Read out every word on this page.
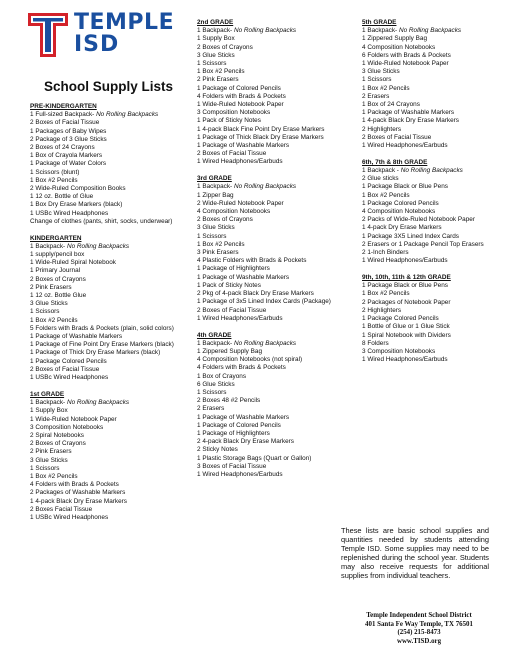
TEMPLE
ISD
School Supply Lists
PRE-KINDERGARTEN
1 Full-sized Backpack- No Rolling Backpacks
2 Boxes of Facial Tissue
1 Packages of Baby Wipes
2 Package of 3 Glue Sticks
2 Boxes of 24 Crayons
1 Box of Crayola Markers
1 Package of Water Colors
1 Scissors (blunt)
1 Box #2 Pencils
2 Wide-Ruled Composition Books
1 12 oz. Bottle of Glue
1 Box Dry Erase Markers (black)
1 USBc Wired Headphones
Change of clothes (pants, shirt, socks, underwear)
KINDERGARTEN
1 Backpack- No Rolling Backpacks
1 supply/pencil box
1 Wide-Ruled Spiral Notebook
1 Primary Journal
2 Boxes of Crayons
2 Pink Erasers
1 12 oz. Bottle Glue
3 Glue Sticks
1 Scissors
1 Box #2 Pencils
5 Folders with Brads & Pockets (plain, solid colors)
1 Package of Washable Markers
1 Package of Fine Point Dry Erase Markers (black)
1 Package of Thick Dry Erase Markers (black)
1 Package Colored Pencils
2 Boxes of Facial Tissue
1 USBc Wired Headphones
1st GRADE
1 Backpack- No Rolling Backpacks
1 Supply Box
1 Wide-Ruled Notebook Paper
3 Composition Notebooks
2 Spiral Notebooks
2 Boxes of Crayons
2 Pink Erasers
3 Glue Sticks
1 Scissors
1 Box #2 Pencils
4 Folders with Brads & Pockets
2 Packages of Washable Markers
1 4-pack Black Dry Erase Markers
2 Boxes Facial Tissue
1 USBc Wired Headphones
2nd GRADE
1 Backpack- No Rolling Backpacks
1 Supply Box
2 Boxes of Crayons
3 Glue Sticks
1 Scissors
1 Box #2 Pencils
2 Pink Erasers
1 Package of Colored Pencils
4 Folders with Brads & Pockets
1 Wide-Ruled Notebook Paper
3 Composition Notebooks
1 Pack of Sticky Notes
1 4-pack Black Fine Point Dry Erase Markers
1 Package of Thick Black Dry Erase Markers
1 Package of Washable Markers
2 Boxes of Facial Tissue
1 Wired Headphones/Earbuds
3rd GRADE
1 Backpack- No Rolling Backpacks
1 Zipper Bag
2 Wide-Ruled Notebook Paper
4 Composition Notebooks
2 Boxes of Crayons
3 Glue Sticks
1 Scissors
1 Box #2 Pencils
3 Pink Erasers
4 Plastic Folders with Brads & Pockets
1 Package of Highlighters
1 Package of Washable Markers
1 Pack of Sticky Notes
2 Pkg of 4-pack Black Dry Erase Markers
1 Package of 3x5 Lined Index Cards (Package)
2 Boxes of Facial Tissue
1 Wired Headphones/Earbuds
4th GRADE
1 Backpack- No Rolling Backpacks
1 Zippered Supply Bag
4 Composition Notebooks (not spiral)
4 Folders with Brads & Pockets
1 Box of Crayons
6 Glue Sticks
1 Scissors
2 Boxes 48 #2 Pencils
2 Erasers
1 Package of Washable Markers
1 Package of Colored Pencils
1 Package of Highlighters
2 4-pack Black Dry Erase Markers
2 Sticky Notes
1 Plastic Storage Bags (Quart or Gallon)
3 Boxes of Facial Tissue
1 Wired Headphones/Earbuds
5th GRADE
1 Backpack- No Rolling Backpacks
1 Zippered Supply Bag
4 Composition Notebooks
6 Folders with Brads & Pockets
1 Wide-Ruled Notebook Paper
3 Glue Sticks
1 Scissors
1 Box #2 Pencils
2 Erasers
1 Box of 24 Crayons
1 Package of Washable Markers
1 4-pack Black Dry Erase Markers
2 Highlighters
2 Boxes of Facial Tissue
1 Wired Headphones/Earbuds
6th, 7th & 8th GRADE
1 Backpack - No Rolling Backpacks
2 Glue sticks
1 Package Black or Blue Pens
1 Box #2 Pencils
1 Package Colored Pencils
4 Composition Notebooks
2 Packs of Wide-Ruled Notebook Paper
1 4-pack Dry Erase Markers
1 Package 3X5 Lined Index Cards
2 Erasers or 1 Package Pencil Top Erasers
2 1-Inch Binders
1 Wired Headphones/Earbuds
9th, 10th, 11th & 12th GRADE
1 Package Black or Blue Pens
1 Box #2 Pencils
2 Packages of Notebook Paper
2 Highlighters
1 Package Colored Pencils
1 Bottle of Glue or 1 Glue Stick
1 Spiral Notebook with Dividers
8 Folders
3 Composition Notebooks
1 Wired Headphones/Earbuds
These lists are basic school supplies and quantities needed by students attending Temple ISD. Some supplies may need to be replenished during the school year. Students may also receive requests for additional supplies from individual teachers.
Temple Independent School District
401 Santa Fe Way Temple, TX 76501
(254) 215-8473
www.TISD.org
